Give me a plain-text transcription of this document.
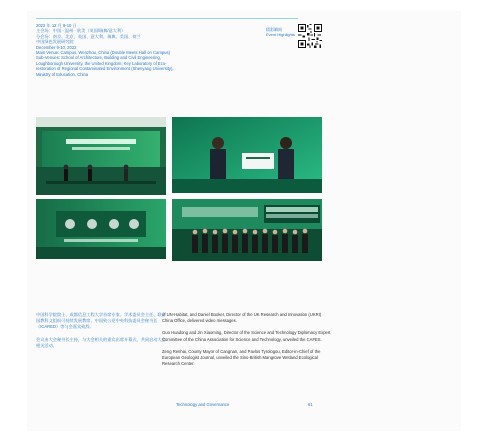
2022 年 12 月 9-10 日
主会场：中国 · 温州 · 欧美（英国/瑞典/意大利）
分会场：南京、北京、英国、意大利、瑞典、美国、荷兰
中国绿色发展研究院
December 9-10, 2022
Main Venue: Campus, Wenzhou, China (Double Meets Hall on Campus)
Sub-Venues: School of Architecture, Building and Civil Engineering,
Loughborough University, the United Kingdom; Key Laboratory of Eco-
restoration of Regional Contaminated Environment (Shenyang University),
Ministry of Education, China
精彩瞬间
Event Highlights

中国科学院院士、成都信息工程大学首席专家、学术委员会主任、联合国教科文组织可持续发展教席、中国致公党中央科技委员会秘书长（ICARED）等与会嘉宾致辞。

会议由大会秘书长主持，与大会相关的嘉宾出席开幕式，共同启动大会相关活动。

of UN-Habitat, and Daniel Booker, Director of the UK Research and Innovation (UKRI) China Office, delivered video messages.

Guo Huadong and Jin Xiaoming, Director of the Science and Technology Diplomacy Expert Committee of the China Association for Science and Technology, unveiled the CAFES.

Zeng Renhai, County Mayor of Cangnan, and Pavlos Tyrologou, Editor-in-Chief of the European Geologist Journal, unveiled the Sino-British Mangrove Wetland Ecological Research Center.

Technology and Governance	61
